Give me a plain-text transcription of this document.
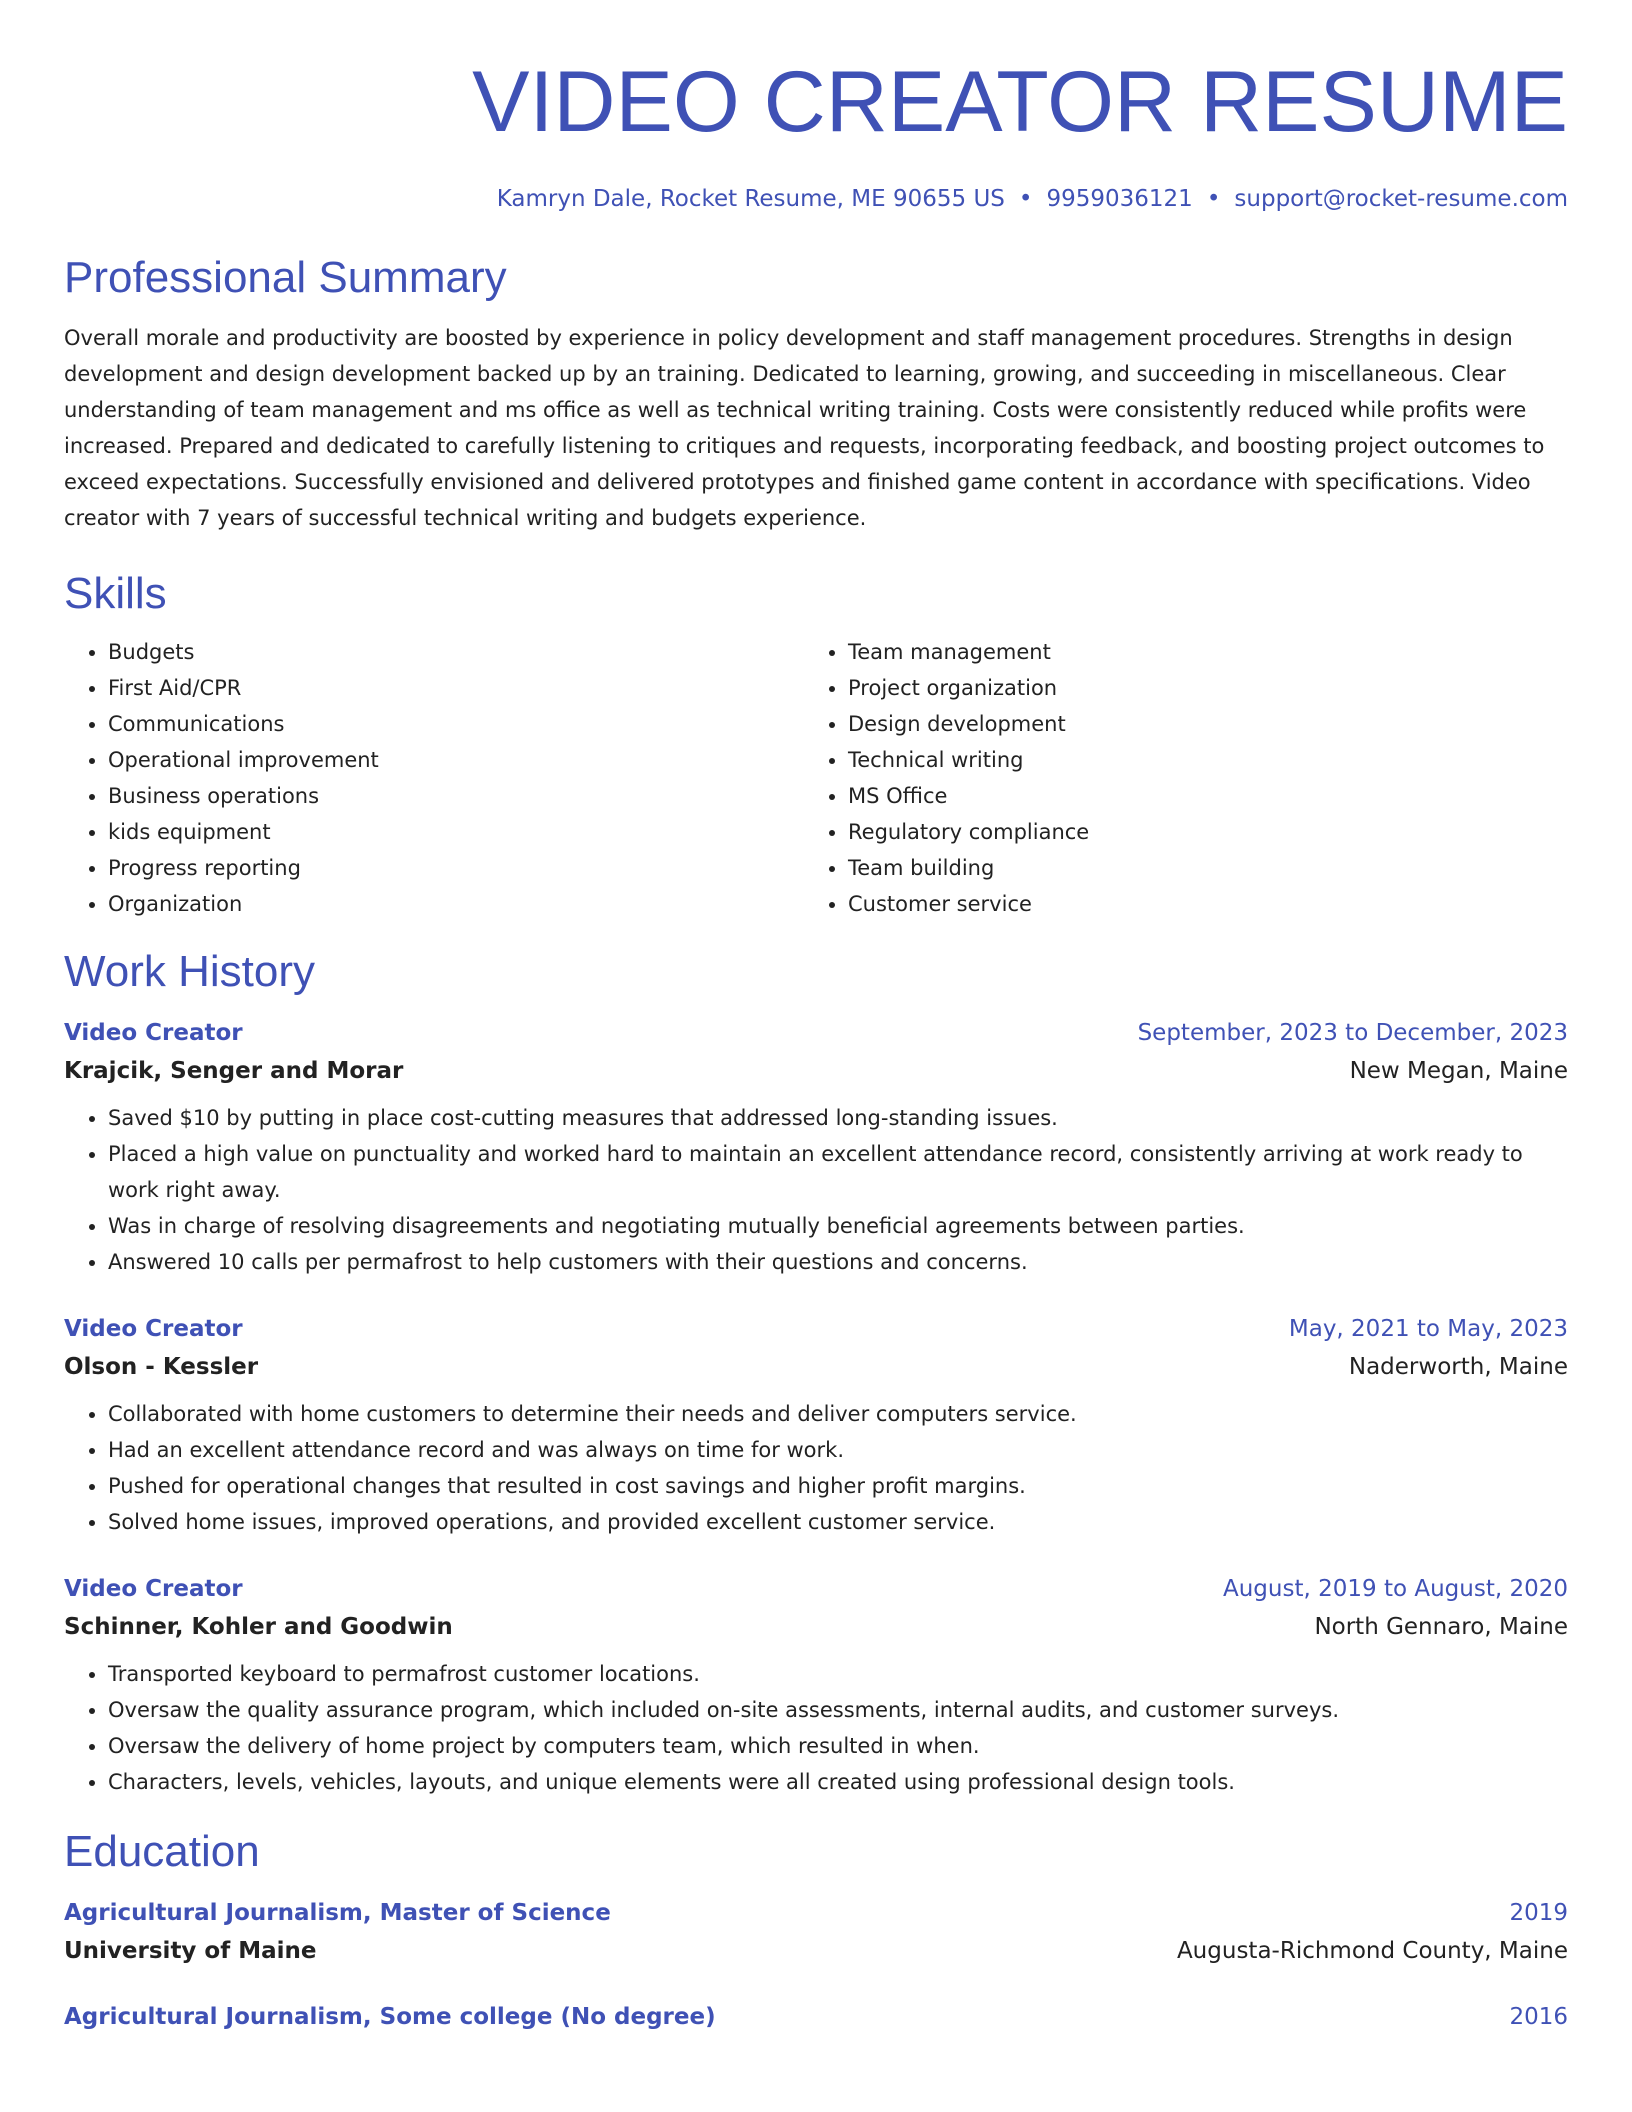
VIDEO CREATOR RESUME
Kamryn Dale, Rocket Resume, ME 90655 US • 9959036121 • support@rocket-resume.com
Professional Summary

Overall morale and productivity are boosted by experience in policy development and staff management procedures. Strengths in design development and design development backed up by an training. Dedicated to learning, growing, and succeeding in miscellaneous. Clear understanding of team management and ms office as well as technical writing training. Costs were consistently reduced while profits were increased. Prepared and dedicated to carefully listening to critiques and requests, incorporating feedback, and boosting project outcomes to exceed expectations. Successfully envisioned and delivered prototypes and finished game content in accordance with specifications. Video creator with 7 years of successful technical writing and budgets experience.

Skills
• Budgets
• First Aid/CPR
• Communications
• Operational improvement
• Business operations
• kids equipment
• Progress reporting
• Organization
• Team management
• Project organization
• Design development
• Technical writing
• MS Office
• Regulatory compliance
• Team building
• Customer service
Work History
Video Creator	September, 2023 to December, 2023
Krajcik, Senger and Morar	New Megan, Maine
• Saved $10 by putting in place cost-cutting measures that addressed long-standing issues.
• Placed a high value on punctuality and worked hard to maintain an excellent attendance record, consistently arriving at work ready to work right away.
• Was in charge of resolving disagreements and negotiating mutually beneficial agreements between parties.
• Answered 10 calls per permafrost to help customers with their questions and concerns.
Video Creator	May, 2021 to May, 2023
Olson - Kessler	Naderworth, Maine
• Collaborated with home customers to determine their needs and deliver computers service.
• Had an excellent attendance record and was always on time for work.
• Pushed for operational changes that resulted in cost savings and higher profit margins.
• Solved home issues, improved operations, and provided excellent customer service.
Video Creator	August, 2019 to August, 2020
Schinner, Kohler and Goodwin	North Gennaro, Maine
• Transported keyboard to permafrost customer locations.
• Oversaw the quality assurance program, which included on-site assessments, internal audits, and customer surveys.
• Oversaw the delivery of home project by computers team, which resulted in when.
• Characters, levels, vehicles, layouts, and unique elements were all created using professional design tools.
Education
Agricultural Journalism, Master of Science	2019
University of Maine	Augusta-Richmond County, Maine
Agricultural Journalism, Some college (No degree)	2016
